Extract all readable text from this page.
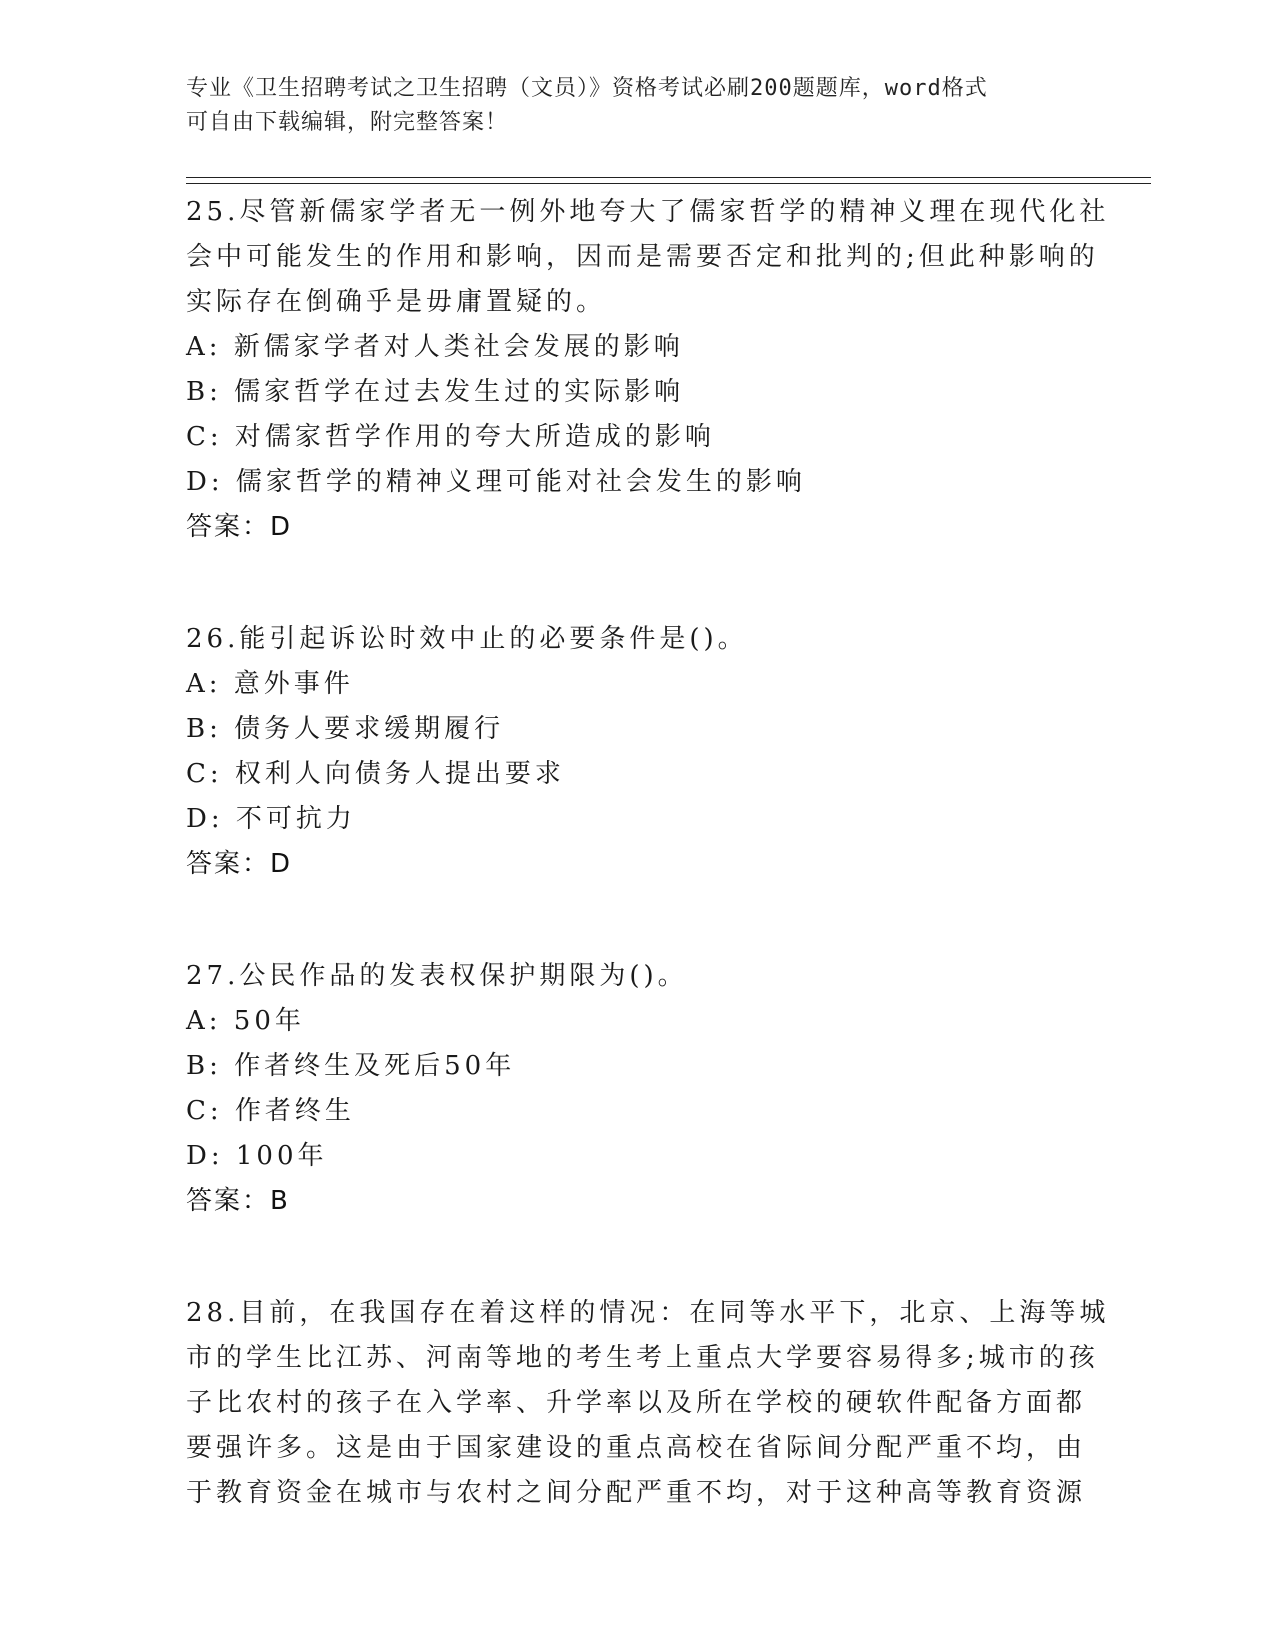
专业《卫生招聘考试之卫生招聘（文员）》资格考试必刷200题题库，word格式
可自由下载编辑，附完整答案！
25.尽管新儒家学者无一例外地夸大了儒家哲学的精神义理在现代化社
会中可能发生的作用和影响，因而是需要否定和批判的;但此种影响的
实际存在倒确乎是毋庸置疑的。
A: 新儒家学者对人类社会发展的影响
B: 儒家哲学在过去发生过的实际影响
C: 对儒家哲学作用的夸大所造成的影响
D: 儒家哲学的精神义理可能对社会发生的影响
答案：D
26.能引起诉讼时效中止的必要条件是()。
A: 意外事件
B: 债务人要求缓期履行
C: 权利人向债务人提出要求
D: 不可抗力
答案：D
27.公民作品的发表权保护期限为()。
A: 50年
B: 作者终生及死后50年
C: 作者终生
D: 100年
答案：B
28.目前，在我国存在着这样的情况：在同等水平下，北京、上海等城
市的学生比江苏、河南等地的考生考上重点大学要容易得多;城市的孩
子比农村的孩子在入学率、升学率以及所在学校的硬软件配备方面都
要强许多。这是由于国家建设的重点高校在省际间分配严重不均，由
于教育资金在城市与农村之间分配严重不均，对于这种高等教育资源
